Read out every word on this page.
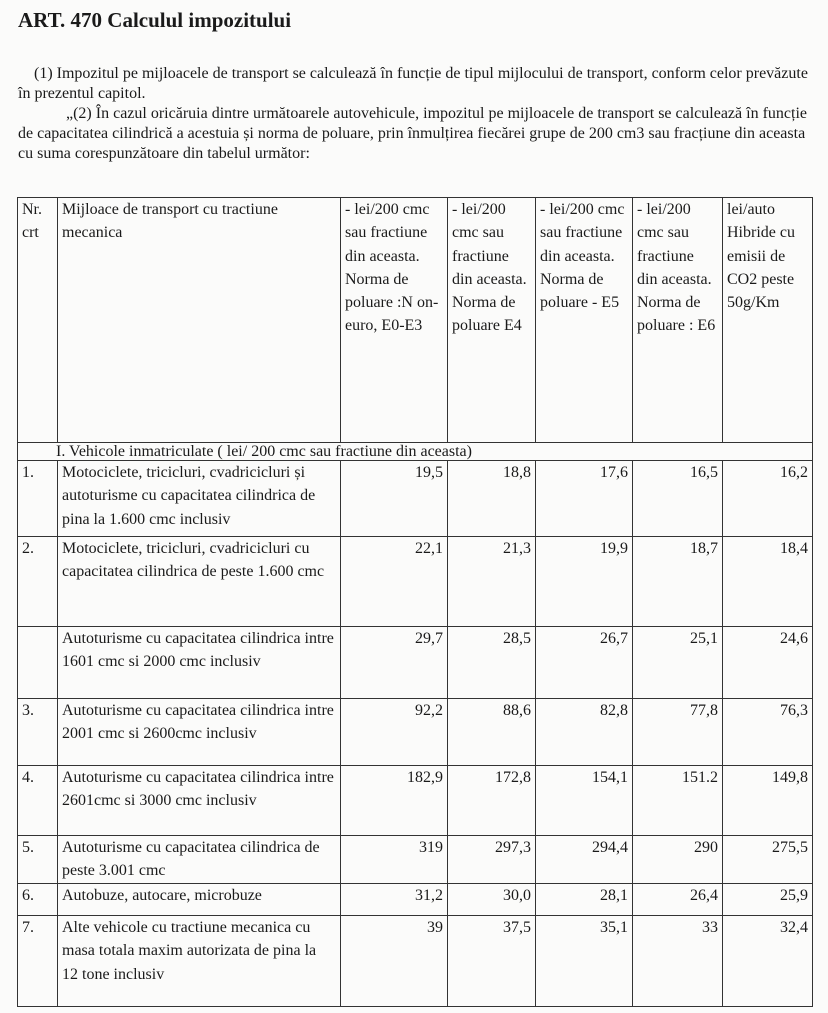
ART. 470 Calculul impozitului
(1) Impozitul pe mijloacele de transport se calculează în funcție de tipul mijlocului de transport, conform celor prevăzute în prezentul capitol.
„(2) În cazul oricăruia dintre următoarele autovehicule, impozitul pe mijloacele de transport se calculează în funcție de capacitatea cilindrică a acestuia și norma de poluare, prin înmulțirea fiecărei grupe de 200 cm3 sau fracțiune din aceasta cu suma corespunzătoare din tabelul următor:
Nr. crt	Mijloace de transport cu tractiune mecanica	- lei/200 cmc sau fractiune din aceasta. Norma de poluare :N on-euro, E0-E3	- lei/200 cmc sau fractiune din aceasta. Norma de poluare E4	- lei/200 cmc sau fractiune din aceasta. Norma de poluare - E5	- lei/200 cmc sau fractiune din aceasta. Norma de poluare : E6	lei/auto Hibride cu emisii de CO2 peste 50g/Km
I. Vehicole inmatriculate ( lei/ 200 cmc sau fractiune din aceasta)						
1.	Motociclete, tricicluri, cvadricicluri și autoturisme cu capacitatea cilindrica de pina la 1.600 cmc inclusiv	19,5	18,8	17,6	16,5	16,2
2.	Motociclete, tricicluri, cvadricicluri cu capacitatea cilindrica de peste 1.600 cmc	22,1	21,3	19,9	18,7	18,4
	Autoturisme cu capacitatea cilindrica intre 1601 cmc si 2000 cmc inclusiv	29,7	28,5	26,7	25,1	24,6
3.	Autoturisme cu capacitatea cilindrica intre 2001 cmc si 2600cmc inclusiv	92,2	88,6	82,8	77,8	76,3
4.	Autoturisme cu capacitatea cilindrica intre 2601cmc si 3000 cmc inclusiv	182,9	172,8	154,1	151.2	149,8
5.	Autoturisme cu capacitatea cilindrica de peste 3.001 cmc	319	297,3	294,4	290	275,5
6.	Autobuze, autocare, microbuze	31,2	30,0	28,1	26,4	25,9
7.	Alte vehicole cu tractiune mecanica cu masa totala maxim autorizata de pina la 12 tone inclusiv	39	37,5	35,1	33	32,4
